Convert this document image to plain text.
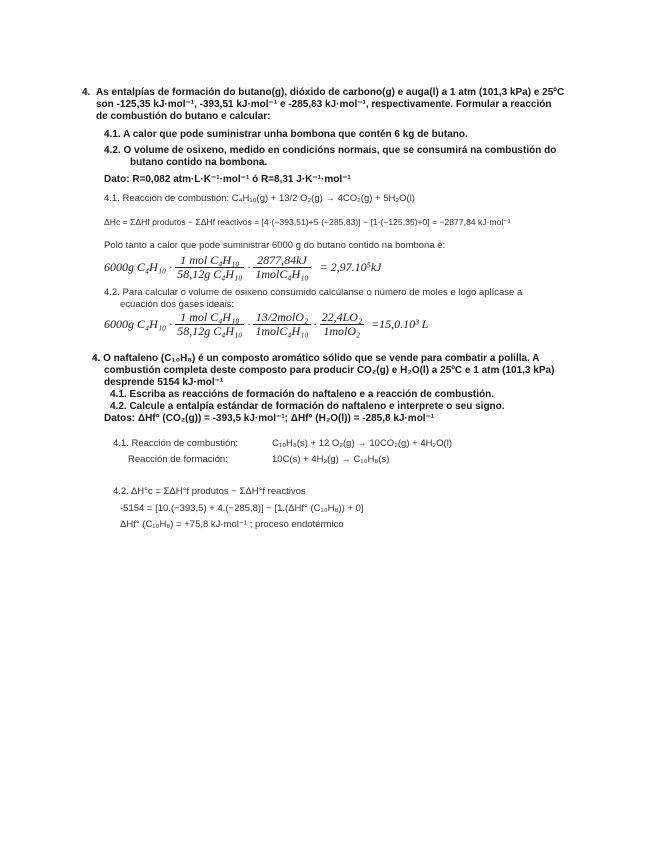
4. As entalpías de formación do butano(g), dióxido de carbono(g) e auga(l) a 1 atm (101,3 kPa) e 25ºC
son -125,35 kJ·mol⁻¹, -393,51 kJ·mol⁻¹ e -285,83 kJ·mol⁻¹, respectivamente. Formular a reacción
de combustión do butano e calcular:
4.1. A calor que pode suministrar unha bombona que contén 6 kg de butano.
4.2. O volume de osixeno, medido en condicións normais, que se consumirá na combustión do
butano contido na bombona.
Dato: R=0,082 atm·L·K⁻¹·mol⁻¹ ó R=8,31 J·K⁻¹·mol⁻¹
4.1. Reacción de combustión: C₄H₁₀(g) + 13/2 O₂(g) → 4CO₂(g) + 5H₂O(l)
ΔHc = ΣΔHf produtos − ΣΔHf reactivos = [4·(−393,51)+5·(−285,83)] − [1·(−125,35)+0] = −2877,84 kJ·mol⁻¹
Polo tanto a calor que pode suministrar 6000 g do butano contido na bombona é:
6000g $C_4H_{10} \cdot \frac{\text{1 mol C₄H₁₀}}{\text{58,12g C₄H₁₀}} \cdot \frac{2877,84kJ}{\text{1molC₄H₁₀}} = 2,97.10^5kJ$
4.2. Para calcular o volume de osixeno consumido calcúlanse o número de moles e logo aplícase a
ecuación dos gases ideais:
6000g $C_4H_{10} \cdot \frac{\text{1 mol C₄H₁₀}}{\text{58,12g C₄H₁₀}} \cdot \frac{\text{13/2molO₂}}{\text{1molC₄H₁₀}} \cdot \frac{\text{22,4LO₂}}{\text{1molO₂}} =15,0.10^3$ L
4. O naftaleno (C₁₀H₈) é un composto aromático sólido que se vende para combatir a polilla. A
combustión completa deste composto para producir CO₂(g) e H₂O(l) a 25ºC e 1 atm (101,3 kPa)
desprende 5154 kJ·mol⁻¹
4.1. Escriba as reaccións de formación do naftaleno e a reacción de combustión.
4.2. Calcule a entalpía estándar de formación do naftaleno e interprete o seu signo.
Datos: ΔHf° (CO₂(g)) = -393,5 kJ·mol⁻¹; ΔHf° (H₂O(l)) = -285,8 kJ·mol⁻¹
4.1. Reacción de combustión:	C₁₀H₈(s) + 12 O₂(g) → 10CO₂(g) + 4H₂O(l)
Reacción de formación:	10C(s) + 4H₂(g) → C₁₀H₈(s)
4.2. ΔH°c = ΣΔH°f produtos − ΣΔH°f reactivos
-5154 = [10.(−393,5) + 4.(−285,8)] − [1.(ΔHf° (C₁₀H₈)) + 0]
ΔHf° (C₁₀H₈) = +75,8 kJ·mol⁻¹ ; proceso endotérmico
